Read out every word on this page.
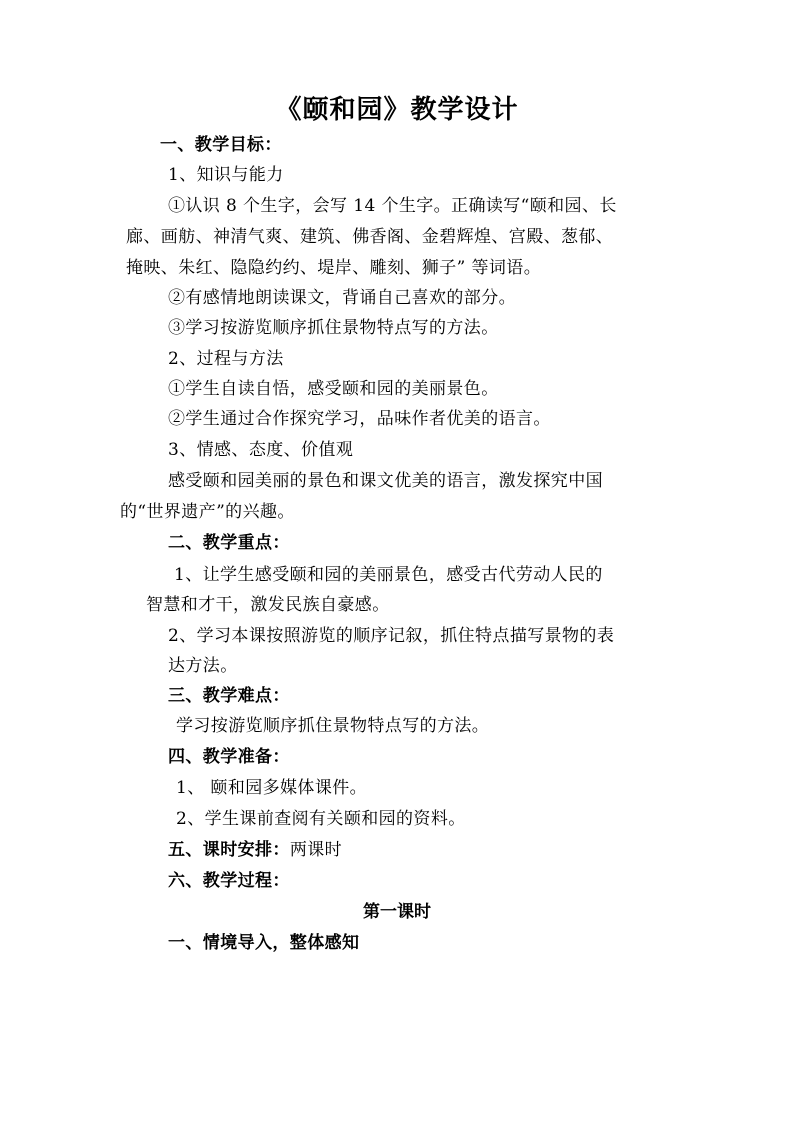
《颐和园》教学设计
一、教学目标：
1、知识与能力
①认识 8 个生字，会写 14 个生字。正确读写“颐和园、长
廊、画舫、神清气爽、建筑、佛香阁、金碧辉煌、宫殿、葱郁、
掩映、朱红、隐隐约约、堤岸、雕刻、狮子” 等词语。
②有感情地朗读课文，背诵自己喜欢的部分。
③学习按游览顺序抓住景物特点写的方法。
2、过程与方法
①学生自读自悟，感受颐和园的美丽景色。
②学生通过合作探究学习，品味作者优美的语言。
3、情感、态度、价值观
感受颐和园美丽的景色和课文优美的语言，激发探究中国
的“世界遗产”的兴趣。
二、教学重点：
1、让学生感受颐和园的美丽景色，感受古代劳动人民的
智慧和才干，激发民族自豪感。
2、学习本课按照游览的顺序记叙，抓住特点描写景物的表
达方法。
三、教学难点：
学习按游览顺序抓住景物特点写的方法。
四、教学准备：
1、 颐和园多媒体课件。
2、学生课前查阅有关颐和园的资料。
五、课时安排：两课时
六、教学过程：
第一课时
一、情境导入，整体感知
